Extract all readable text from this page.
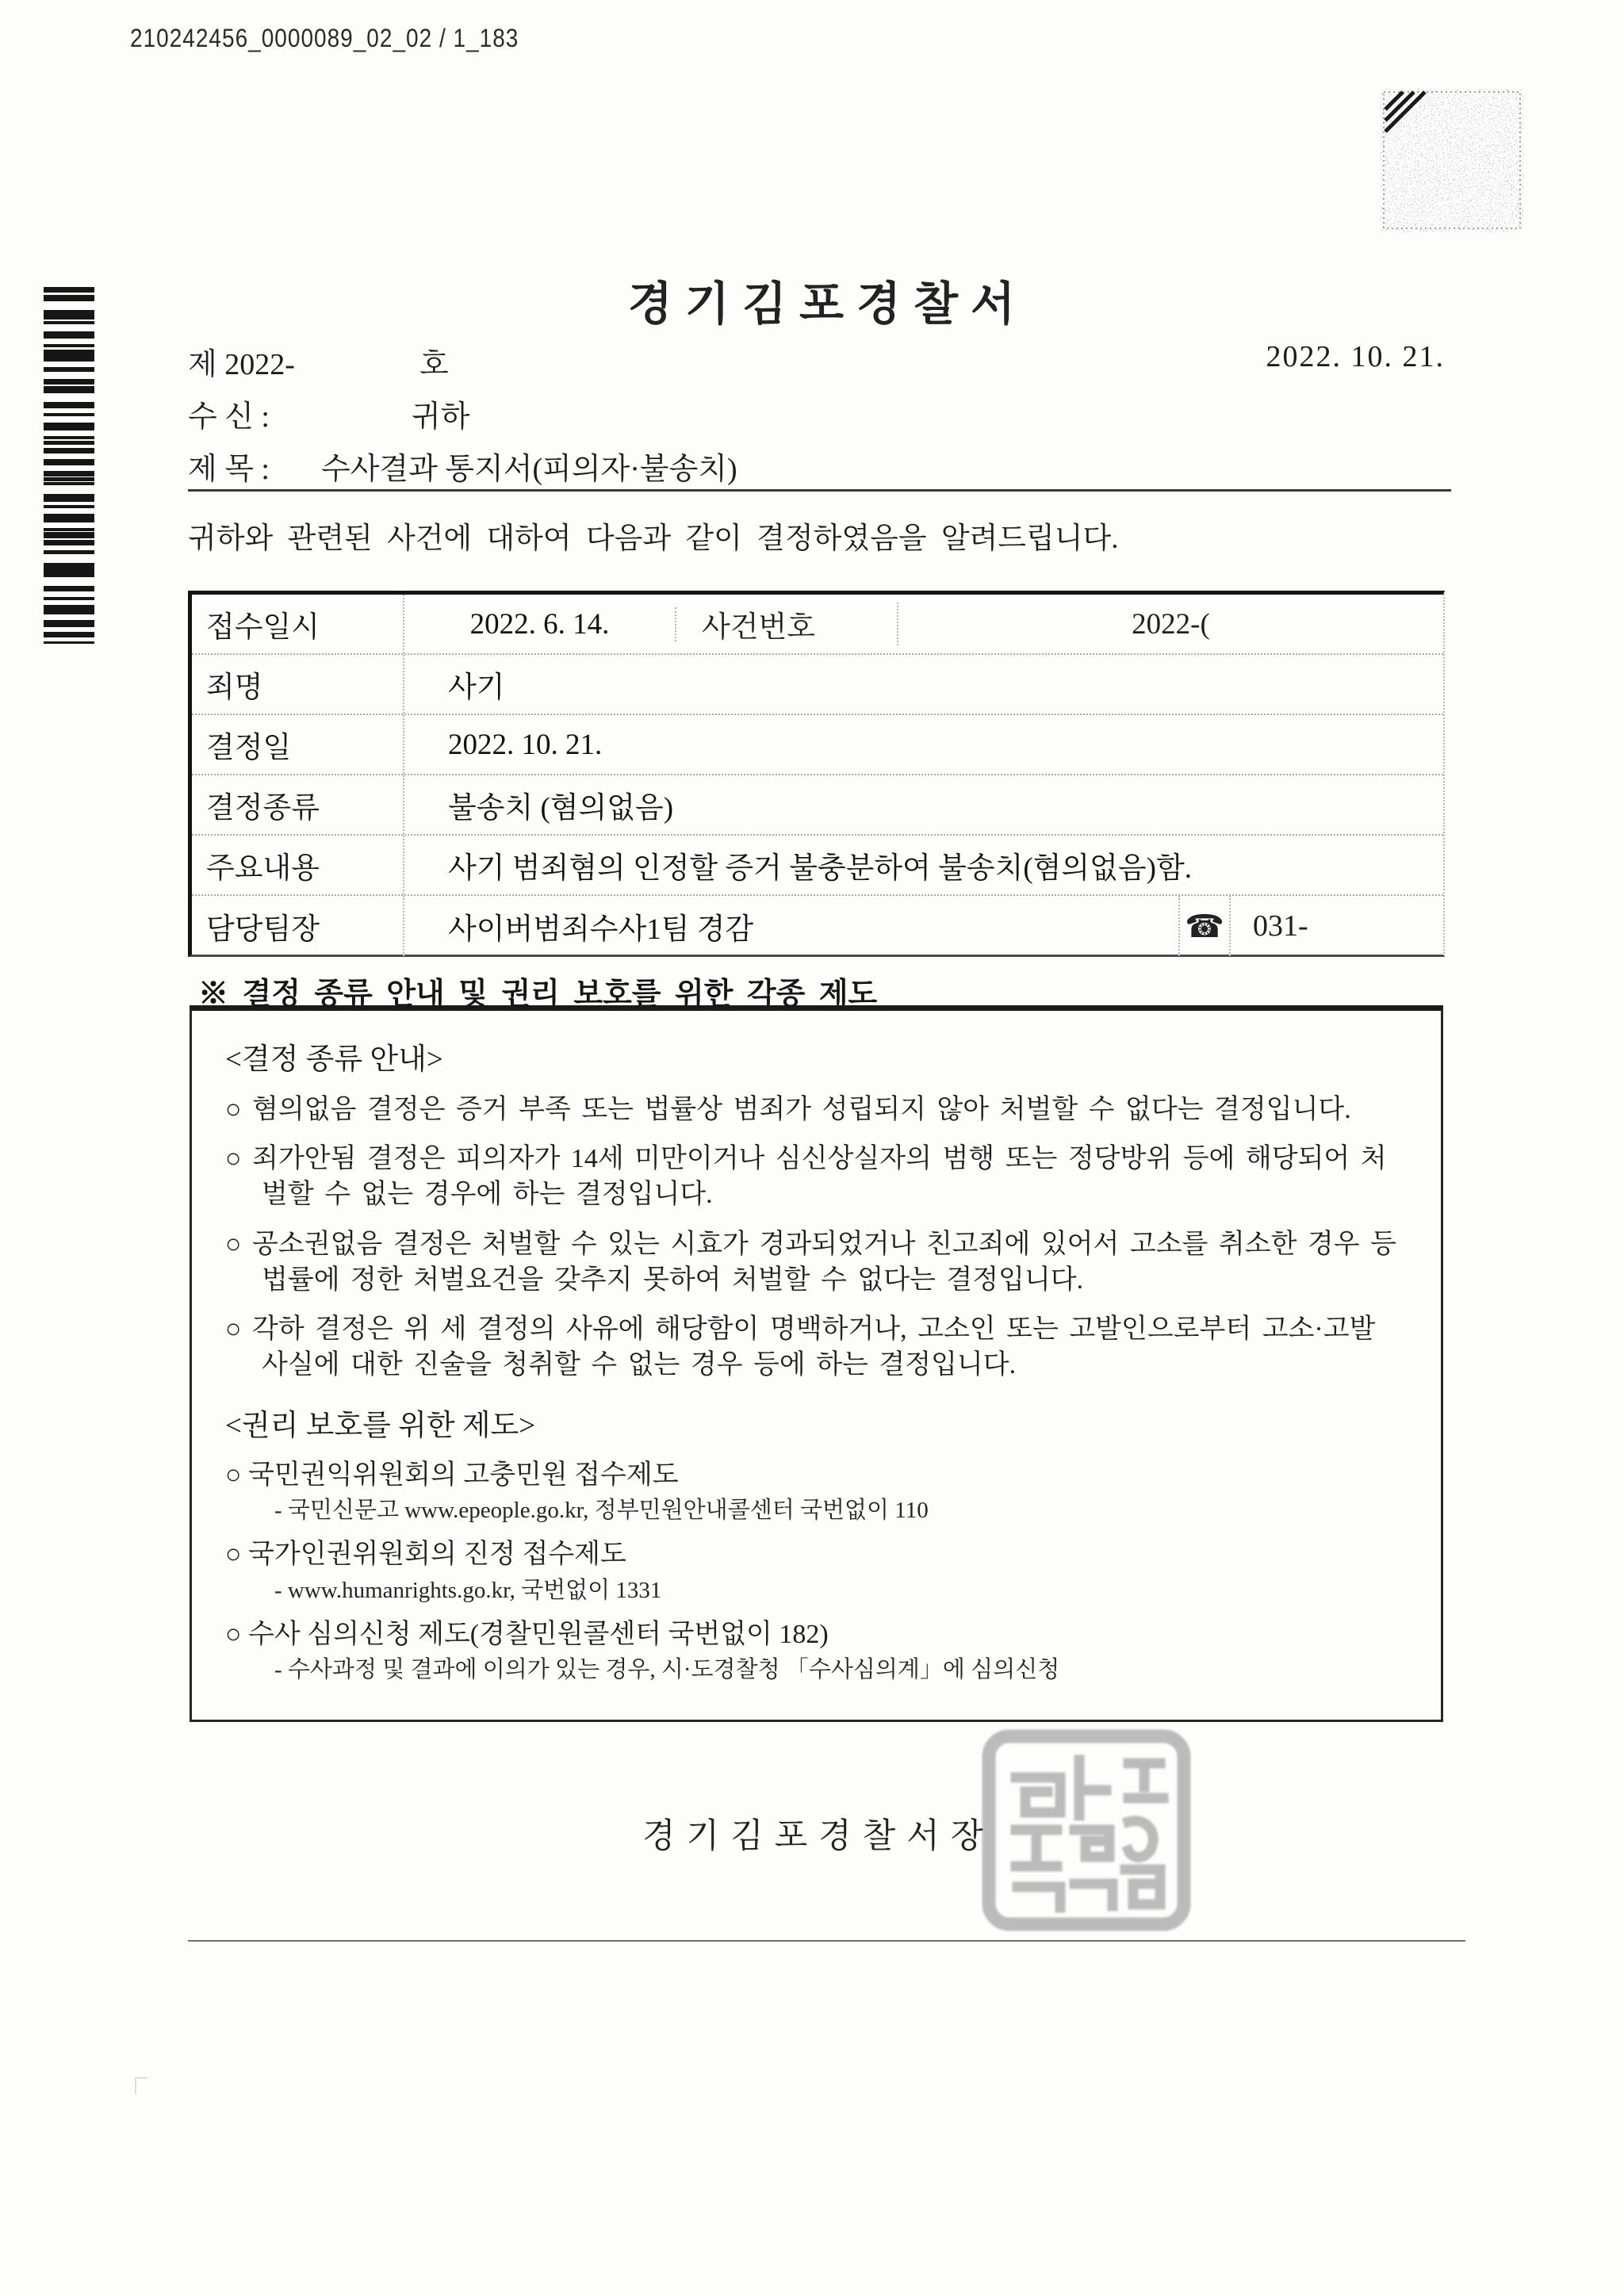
210242456_0000089_02_02 / 1_183
경기김포경찰서
제 2022-	호	2022. 10. 21.
수 신 :	귀하
제 목 : 수사결과 통지서(피의자·불송치)
귀하와 관련된 사건에 대하여 다음과 같이 결정하였음을 알려드립니다.
접수일시	2022. 6. 14.	사건번호	2022-(
죄명	사기
결정일	2022. 10. 21.
결정종류	불송치 (혐의없음)
주요내용	사기 범죄혐의 인정할 증거 불충분하여 불송치(혐의없음)함.
담당팀장	사이버범죄수사1팀 경감	☎ 031-
※ 결정 종류 안내 및 권리 보호를 위한 각종 제도
<결정 종류 안내>
○ 혐의없음 결정은 증거 부족 또는 법률상 범죄가 성립되지 않아 처벌할 수 없다는 결정입니다.
○ 죄가안됨 결정은 피의자가 14세 미만이거나 심신상실자의 범행 또는 정당방위 등에 해당되어 처벌할 수 없는 경우에 하는 결정입니다.
○ 공소권없음 결정은 처벌할 수 있는 시효가 경과되었거나 친고죄에 있어서 고소를 취소한 경우 등 법률에 정한 처벌요건을 갖추지 못하여 처벌할 수 없다는 결정입니다.
○ 각하 결정은 위 세 결정의 사유에 해당함이 명백하거나, 고소인 또는 고발인으로부터 고소·고발 사실에 대한 진술을 청취할 수 없는 경우 등에 하는 결정입니다.
<권리 보호를 위한 제도>
○ 국민권익위원회의 고충민원 접수제도
- 국민신문고 www.epeople.go.kr, 정부민원안내콜센터 국번없이 110
○ 국가인권위원회의 진정 접수제도
- www.humanrights.go.kr, 국번없이 1331
○ 수사 심의신청 제도(경찰민원콜센터 국번없이 182)
- 수사과정 및 결과에 이의가 있는 경우, 시·도경찰청 「수사심의계」에 심의신청
경기김포경찰서장
